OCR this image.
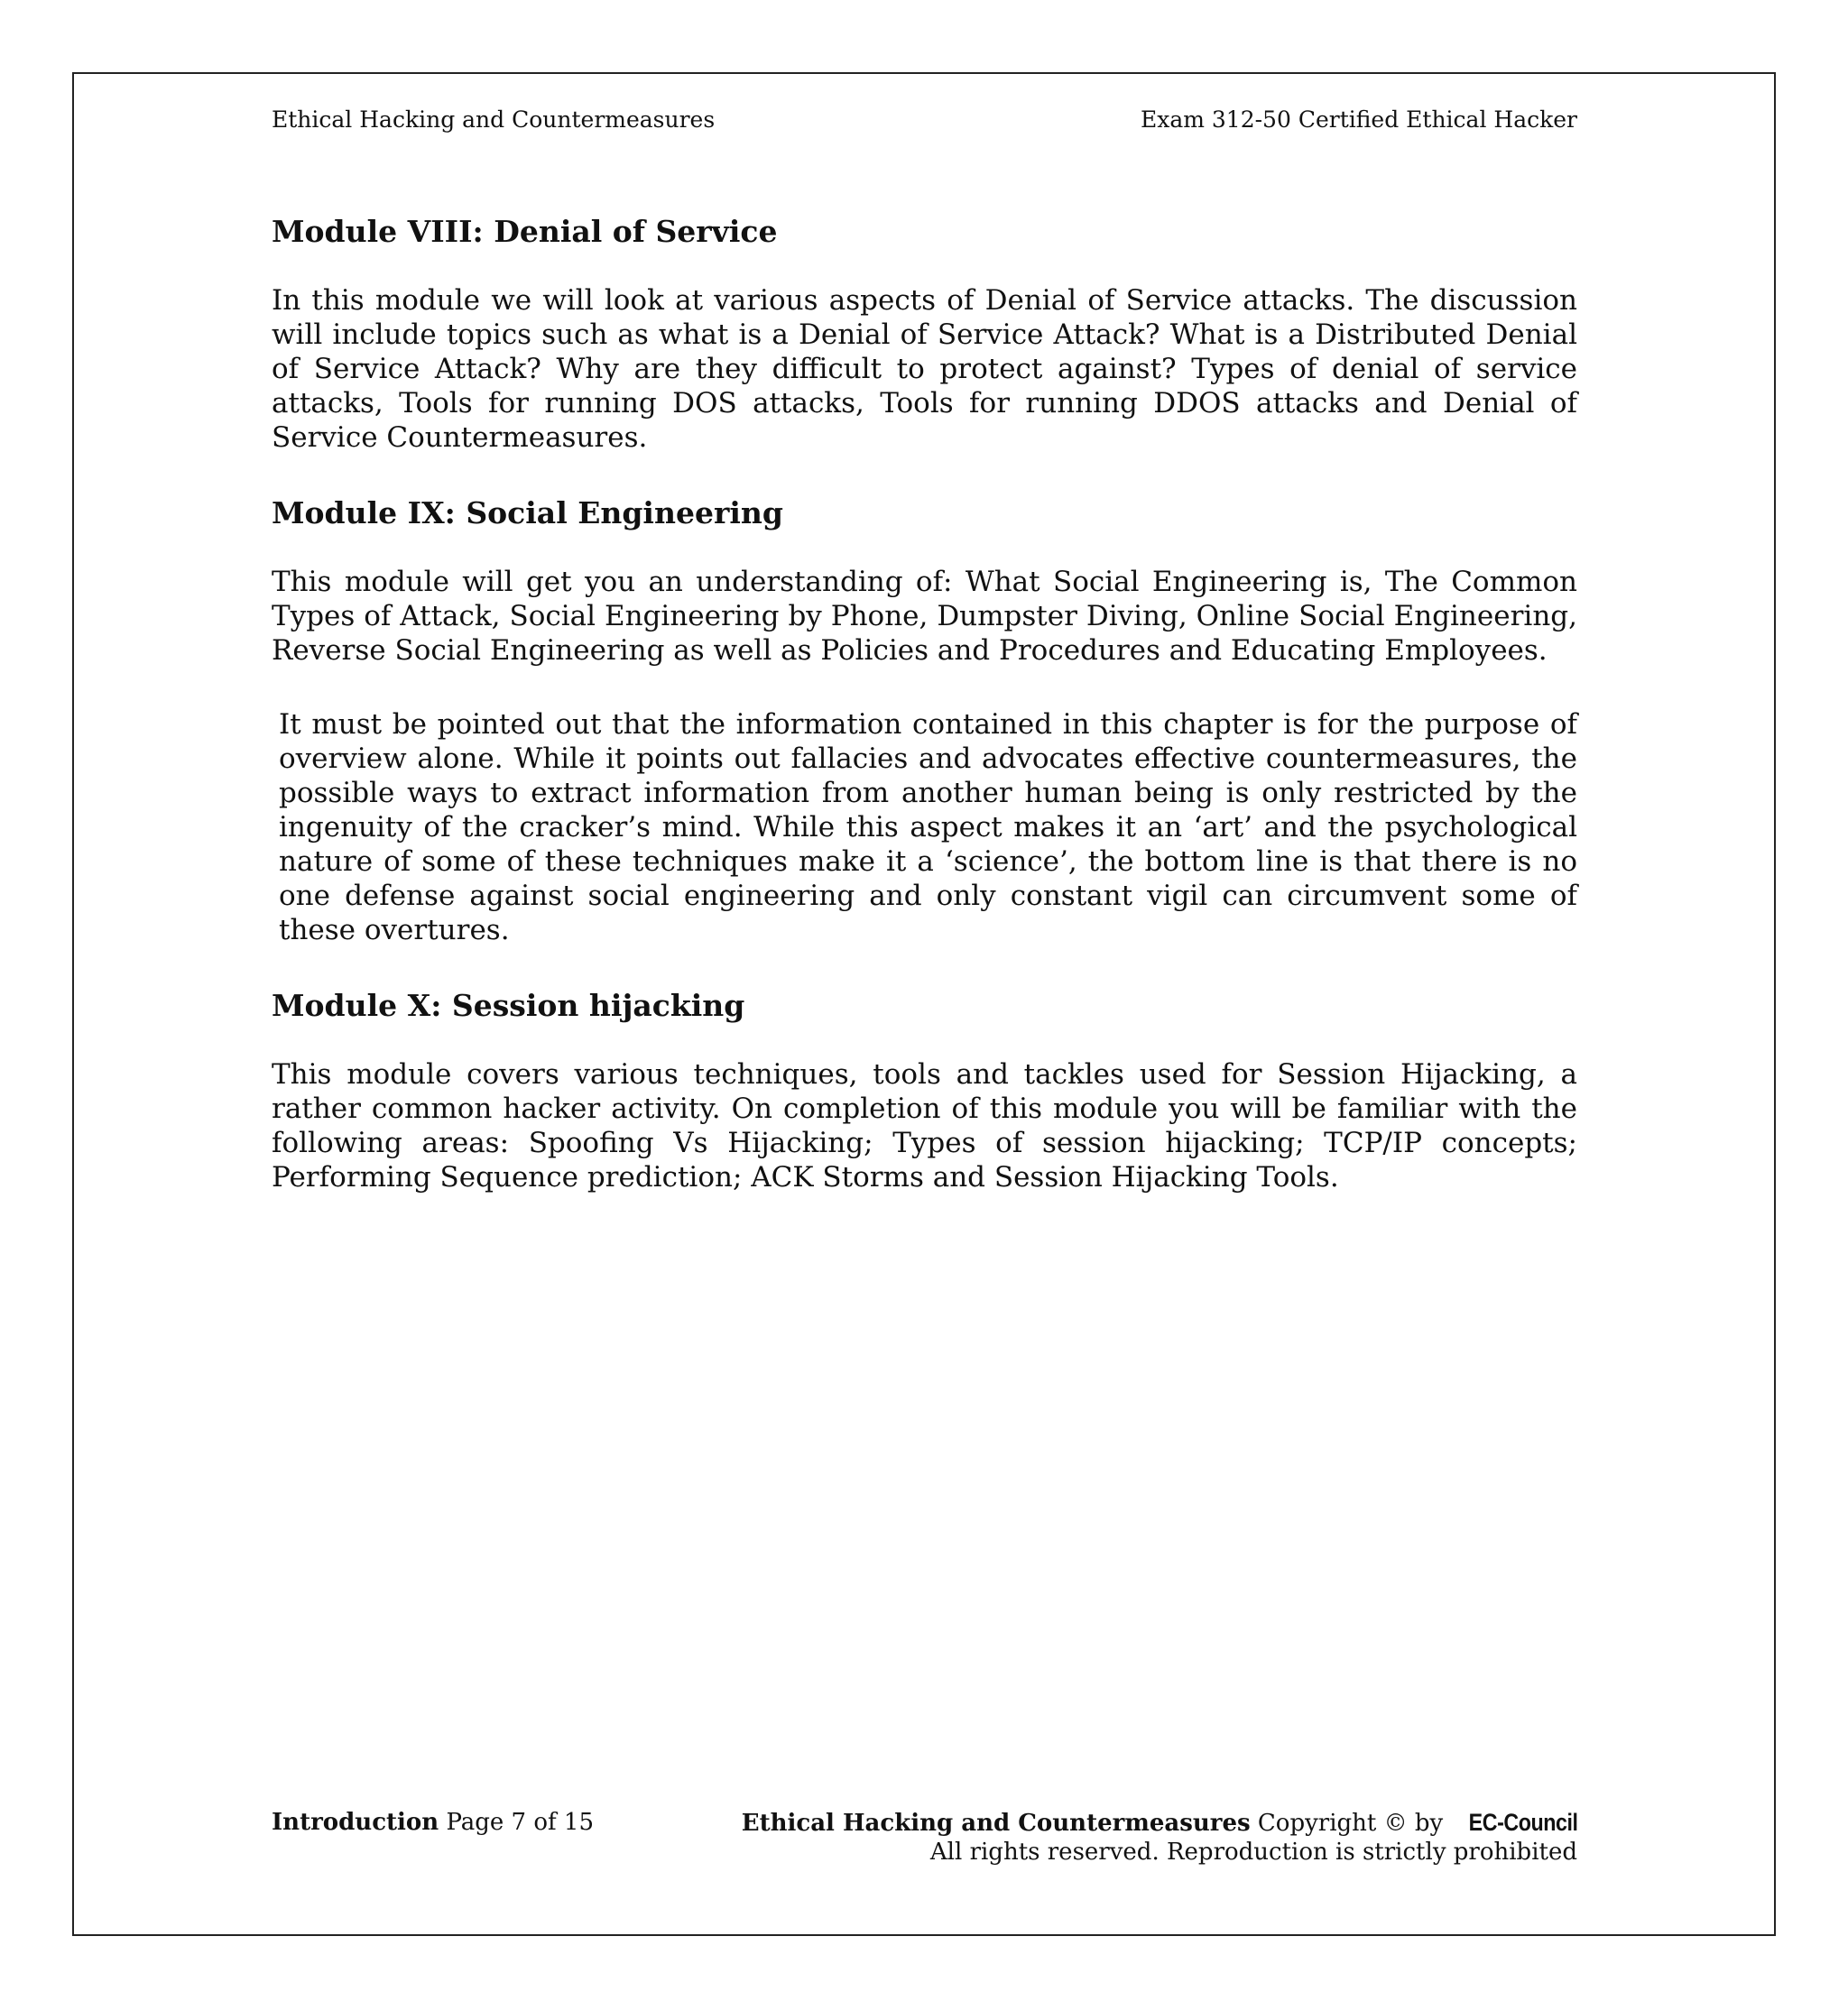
Ethical Hacking and Countermeasures	Exam 312-50 Certified Ethical Hacker
Module VIII: Denial of Service

In this module we will look at various aspects of Denial of Service attacks. The discussion will include topics such as what is a Denial of Service Attack? What is a Distributed Denial of Service Attack? Why are they difficult to protect against? Types of denial of service attacks, Tools for running DOS attacks, Tools for running DDOS attacks and Denial of Service Countermeasures.

Module IX: Social Engineering

This module will get you an understanding of: What Social Engineering is, The Common Types of Attack, Social Engineering by Phone, Dumpster Diving, Online Social Engineering, Reverse Social Engineering as well as Policies and Procedures and Educating Employees.

It must be pointed out that the information contained in this chapter is for the purpose of overview alone. While it points out fallacies and advocates effective countermeasures, the possible ways to extract information from another human being is only restricted by the ingenuity of the cracker’s mind. While this aspect makes it an ‘art’ and the psychological nature of some of these techniques make it a ‘science’, the bottom line is that there is no one defense against social engineering and only constant vigil can circumvent some of these overtures.

Module X: Session hijacking

This module covers various techniques, tools and tackles used for Session Hijacking, a rather common hacker activity. On completion of this module you will be familiar with the following areas: Spoofing Vs Hijacking; Types of session hijacking; TCP/IP concepts; Performing Sequence prediction; ACK Storms and Session Hijacking Tools.

Introduction Page 7 of 15	Ethical Hacking and Countermeasures Copyright © by EC-Council
All rights reserved. Reproduction is strictly prohibited
